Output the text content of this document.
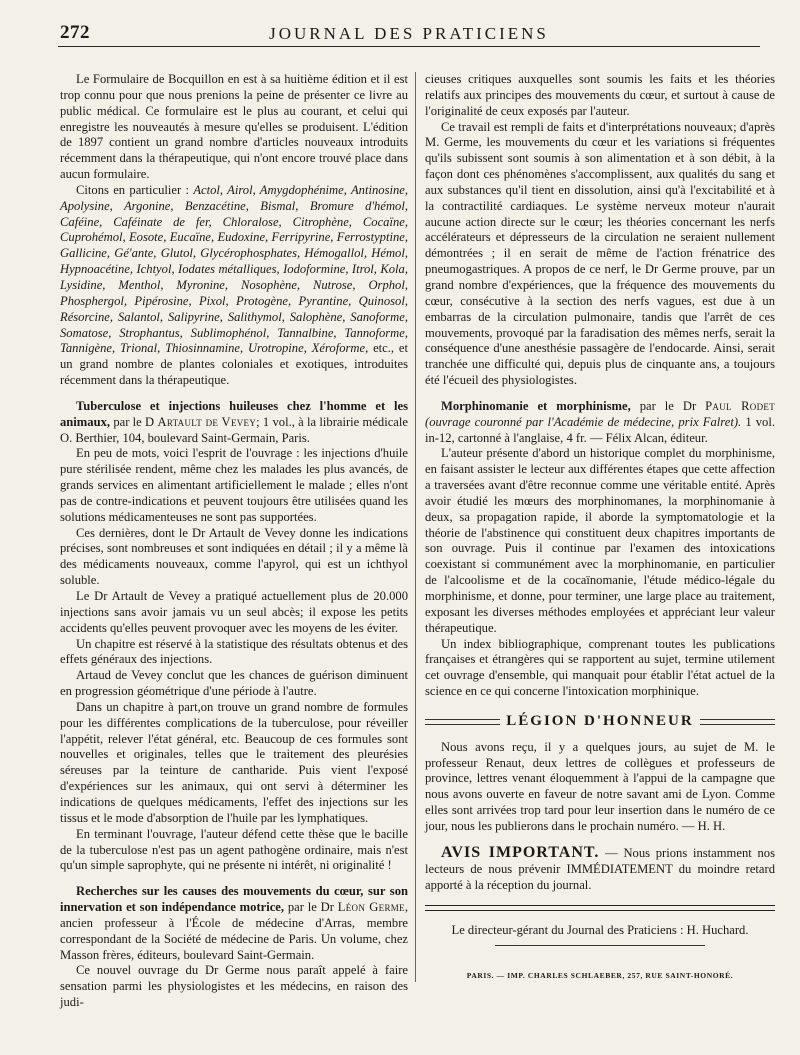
272	JOURNAL DES PRATICIENS

Le Formulaire de Bocquillon en est à sa huitième édition et il est trop connu pour que nous prenions la peine de présenter ce livre au public médical. Ce formulaire est le plus au courant, et celui qui enregistre les nouveautés à mesure qu'elles se produisent. L'édition de 1897 contient un grand nombre d'articles nouveaux introduits récemment dans la thérapeutique, qui n'ont encore trouvé place dans aucun formulaire.

Citons en particulier : Actol, Airol, Amygdophénime, Antinosine, Apolysine, Argonine, Benzacétine, Bismal, Bromure d'hémol, Caféine, Caféinate de fer, Chloralose, Citrophène, Cocaïne, Cuprohémol, Eosote, Eucaïne, Eudoxine, Ferripyrine, Ferrostyptine, Gallicine, Gé'ante, Glutol, Glycérophosphates, Hémogallol, Hémol, Hypnoacétine, Ichtyol, Iodates métalliques, Iodoformine, Itrol, Kola, Lysidine, Menthol, Myronine, Nosophène, Nutrose, Orphol, Phosphergol, Pipérosine, Pixol, Protogène, Pyrantine, Quinosol, Résorcine, Salantol, Salipyrine, Salithymol, Salophène, Sanoforme, Somatose, Strophantus, Sublimophénol, Tannalbine, Tannoforme, Tannigène, Trional, Thiosinnamine, Urotropine, Xéroforme, etc., et un grand nombre de plantes coloniales et exotiques, introduites récemment dans la thérapeutique.

Tuberculose et injections huileuses chez l'homme et les animaux, par le D Artault de Vevey; 1 vol., à la librairie médicale O. Berthier, 104, boulevard Saint-Germain, Paris.

En peu de mots, voici l'esprit de l'ouvrage : les injections d'huile pure stérilisée rendent, même chez les malades les plus avancés, de grands services en alimentant artificiellement le malade ; elles n'ont pas de contre-indications et peuvent toujours être utilisées quand les solutions médicamenteuses ne sont pas supportées.

Ces dernières, dont le Dr Artault de Vevey donne les indications précises, sont nombreuses et sont indiquées en détail ; il y a même là des médicaments nouveaux, comme l'apyrol, qui est un ichthyol soluble.

Le Dr Artault de Vevey a pratiqué actuellement plus de 20.000 injections sans avoir jamais vu un seul abcès; il expose les petits accidents qu'elles peuvent provoquer avec les moyens de les éviter.

Un chapitre est réservé à la statistique des résultats obtenus et des effets généraux des injections.

Artaud de Vevey conclut que les chances de guérison diminuent en progression géométrique d'une période à l'autre.

Dans un chapitre à part,on trouve un grand nombre de formules pour les différentes complications de la tuberculose, pour réveiller l'appétit, relever l'état général, etc. Beaucoup de ces formules sont nouvelles et originales, telles que le traitement des pleurésies séreuses par la teinture de cantharide. Puis vient l'exposé d'expériences sur les animaux, qui ont servi à déterminer les indications de quelques médicaments, l'effet des injections sur les tissus et le mode d'absorption de l'huile par les lymphatiques.

En terminant l'ouvrage, l'auteur défend cette thèse que le bacille de la tuberculose n'est pas un agent pathogène ordinaire, mais n'est qu'un simple saprophyte, qui ne présente ni intérêt, ni originalité !

Recherches sur les causes des mouvements du cœur, sur son innervation et son indépendance motrice, par le Dr Léon Germe, ancien professeur à l'École de médecine d'Arras, membre correspondant de la Société de médecine de Paris. Un volume, chez Masson frères, éditeurs, boulevard Saint-Germain.

Ce nouvel ouvrage du Dr Germe nous paraît appelé à faire sensation parmi les physiologistes et les médecins, en raison des judi-

cieuses critiques auxquelles sont soumis les faits et les théories relatifs aux principes des mouvements du cœur, et surtout à cause de l'originalité de ceux exposés par l'auteur.

Ce travail est rempli de faits et d'interprétations nouveaux; d'après M. Germe, les mouvements du cœur et les variations si fréquentes qu'ils subissent sont soumis à son alimentation et à son débit, à la façon dont ces phénomènes s'accomplissent, aux qualités du sang et aux substances qu'il tient en dissolution, ainsi qu'à l'excitabilité et à la contractilité cardiaques. Le système nerveux moteur n'aurait aucune action directe sur le cœur; les théories concernant les nerfs accélérateurs et dépresseurs de la circulation ne seraient nullement démontrées ; il en serait de même de l'action frénatrice des pneumogastriques. A propos de ce nerf, le Dr Germe prouve, par un grand nombre d'expériences, que la fréquence des mouvements du cœur, consécutive à la section des nerfs vagues, est due à un embarras de la circulation pulmonaire, tandis que l'arrêt de ces mouvements, provoqué par la faradisation des mêmes nerfs, serait la conséquence d'une anesthésie passagère de l'endocarde. Ainsi, serait tranchée une difficulté qui, depuis plus de cinquante ans, a toujours été l'écueil des physiologistes.

Morphinomanie et morphinisme, par le Dr Paul Rodet (ouvrage couronné par l'Académie de médecine, prix Falret). 1 vol. in-12, cartonné à l'anglaise, 4 fr. — Félix Alcan, éditeur.

L'auteur présente d'abord un historique complet du morphinisme, en faisant assister le lecteur aux différentes étapes que cette affection a traversées avant d'être reconnue comme une véritable entité. Après avoir étudié les mœurs des morphinomanes, la morphinomanie à deux, sa propagation rapide, il aborde la symptomatologie et la théorie de l'abstinence qui constituent deux chapitres importants de son ouvrage. Puis il continue par l'examen des intoxications coexistant si communément avec la morphinomanie, en particulier de l'alcoolisme et de la cocaïnomanie, l'étude médico-légale du morphinisme, et donne, pour terminer, une large place au traitement, exposant les diverses méthodes employées et appréciant leur valeur thérapeutique.

Un index bibliographique, comprenant toutes les publications françaises et étrangères qui se rapportent au sujet, termine utilement cet ouvrage d'ensemble, qui manquait pour établir l'état actuel de la science en ce qui concerne l'intoxication morphinique.

LÉGION D'HONNEUR

Nous avons reçu, il y a quelques jours, au sujet de M. le professeur Renaut, deux lettres de collègues et professeurs de province, lettres venant éloquemment à l'appui de la campagne que nous avons ouverte en faveur de notre savant ami de Lyon. Comme elles sont arrivées trop tard pour leur insertion dans le numéro de ce jour, nous les publierons dans le prochain numéro. — H. H.

AVIS IMPORTANT. — Nous prions instamment nos lecteurs de nous prévenir IMMÉDIATEMENT du moindre retard apporté à la réception du journal.

Le directeur-gérant du Journal des Praticiens : H. Huchard.

PARIS. — IMP. CHARLES SCHLAEBER, 257, RUE SAINT-HONORÉ.
